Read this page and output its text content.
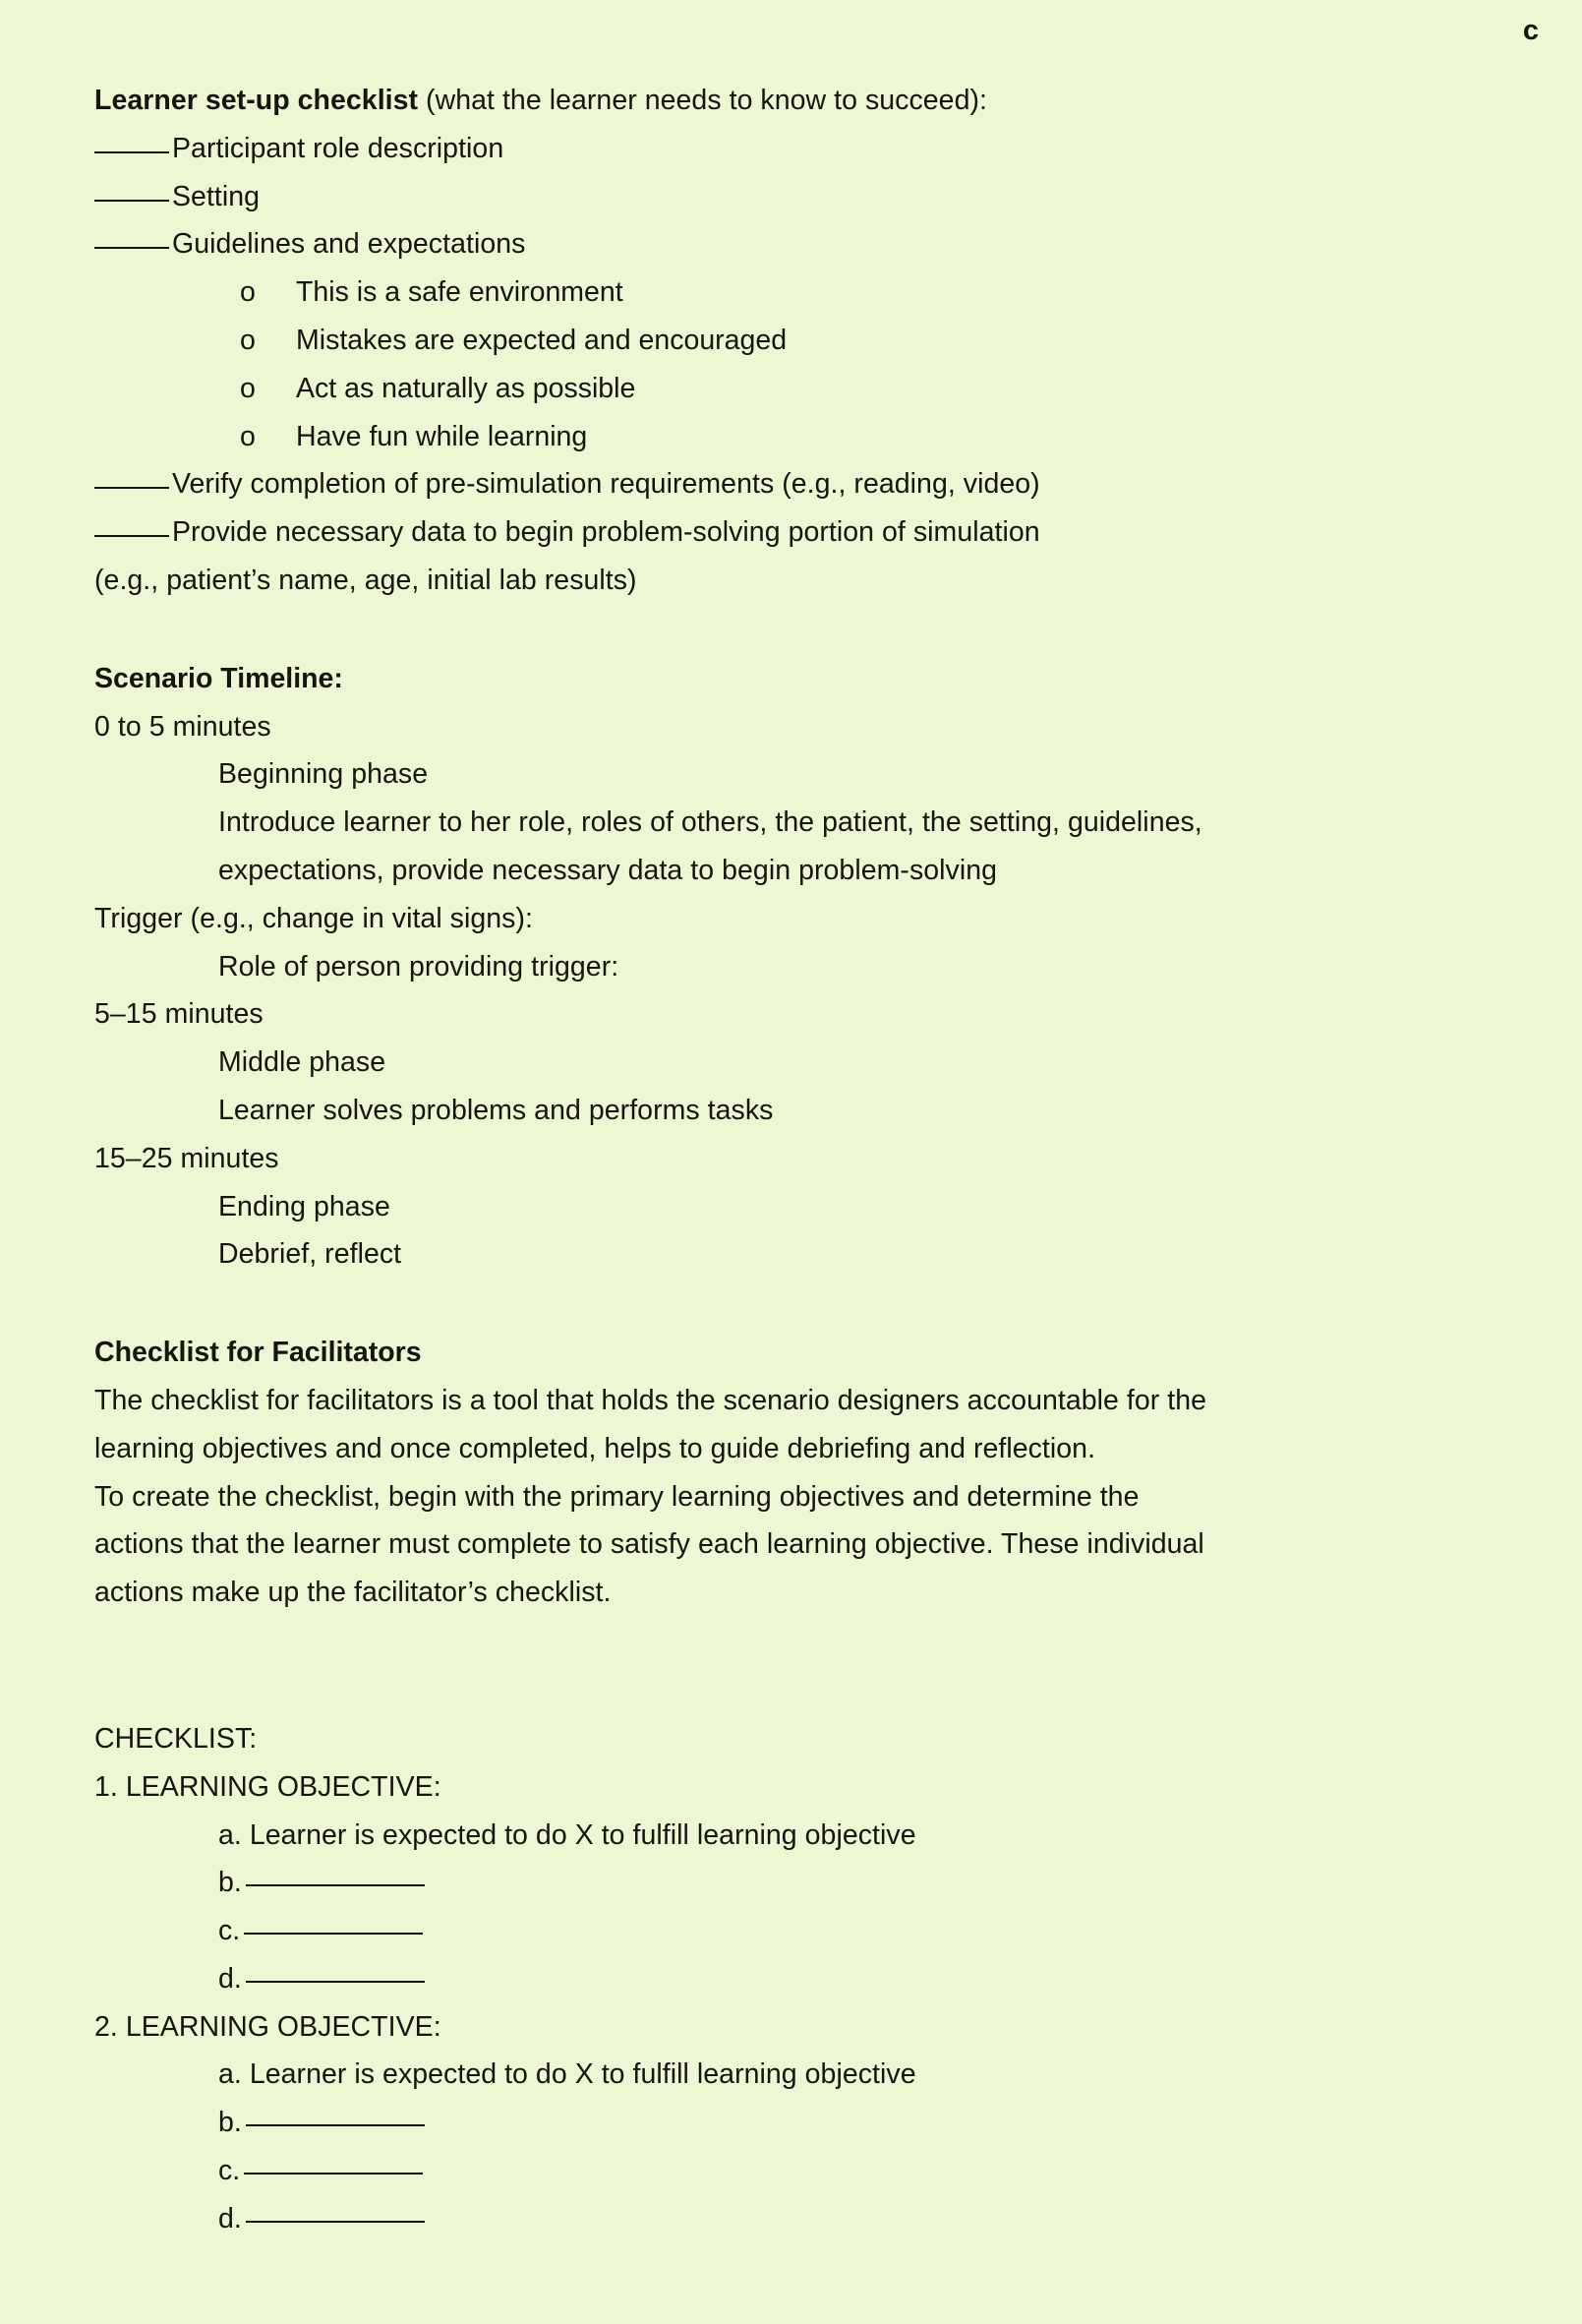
c
Learner set-up checklist (what the learner needs to know to succeed):
Participant role description
Setting
Guidelines and expectations
o	This is a safe environment
o	Mistakes are expected and encouraged
o	Act as naturally as possible
o	Have fun while learning
Verify completion of pre-simulation requirements (e.g., reading, video)
Provide necessary data to begin problem-solving portion of simulation
(e.g., patient’s name, age, initial lab results)
Scenario Timeline:
0 to 5 minutes
Beginning phase
Introduce learner to her role, roles of others, the patient, the setting, guidelines,
expectations, provide necessary data to begin problem-solving
Trigger (e.g., change in vital signs):
Role of person providing trigger:
5–15 minutes
Middle phase
Learner solves problems and performs tasks
15–25 minutes
Ending phase
Debrief, reflect
Checklist for Facilitators
The checklist for facilitators is a tool that holds the scenario designers accountable for the
learning objectives and once completed, helps to guide debriefing and reflection.
To create the checklist, begin with the primary learning objectives and determine the
actions that the learner must complete to satisfy each learning objective. These individual
actions make up the facilitator’s checklist.
CHECKLIST:
1. LEARNING OBJECTIVE:
a. Learner is expected to do X to fulfill learning objective
b.
c.
d.
2. LEARNING OBJECTIVE:
a. Learner is expected to do X to fulfill learning objective
b.
c.
d.
